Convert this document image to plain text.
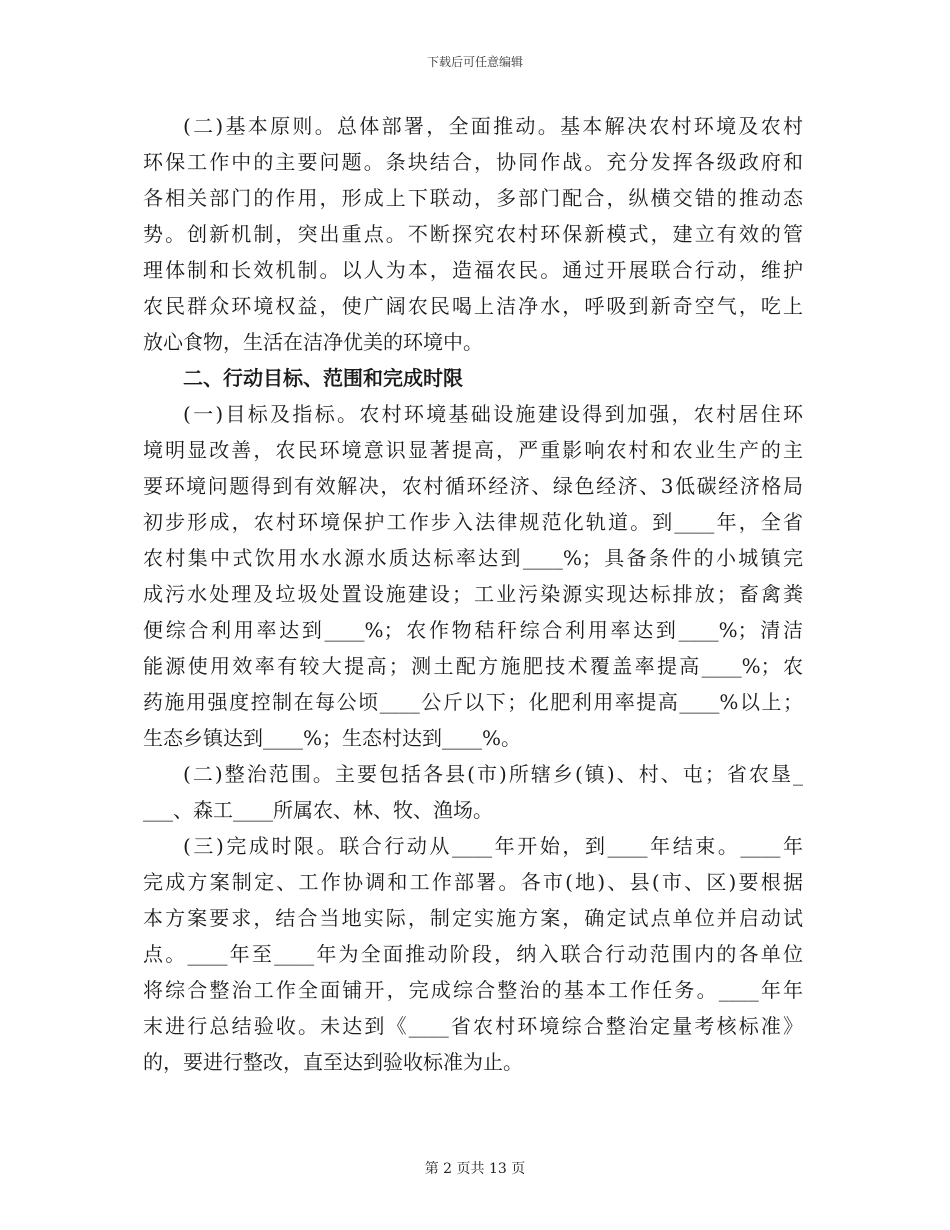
下载后可任意编辑
(二)基本原则。总体部署，全面推动。基本解决农村环境及农村
环保工作中的主要问题。条块结合，协同作战。充分发挥各级政府和
各相关部门的作用，形成上下联动，多部门配合，纵横交错的推动态
势。创新机制，突出重点。不断探究农村环保新模式，建立有效的管
理体制和长效机制。以人为本，造福农民。通过开展联合行动，维护
农民群众环境权益，使广阔农民喝上洁净水，呼吸到新奇空气，吃上
放心食物，生活在洁净优美的环境中。
二、行动目标、范围和完成时限
(一)目标及指标。农村环境基础设施建设得到加强，农村居住环
境明显改善，农民环境意识显著提高，严重影响农村和农业生产的主
要环境问题得到有效解决，农村循环经济、绿色经济、3低碳经济格局
初步形成，农村环境保护工作步入法律规范化轨道。到____年，全省
农村集中式饮用水水源水质达标率达到____%；具备条件的小城镇完
成污水处理及垃圾处置设施建设；工业污染源实现达标排放；畜禽粪
便综合利用率达到____%；农作物秸秆综合利用率达到____%；清洁
能源使用效率有较大提高；测土配方施肥技术覆盖率提高____%；农
药施用强度控制在每公顷____公斤以下；化肥利用率提高____%以上；
生态乡镇达到____%；生态村达到____%。
(二)整治范围。主要包括各县(市)所辖乡(镇)、村、屯；省农垦_
___、森工____所属农、林、牧、渔场。
(三)完成时限。联合行动从____年开始，到____年结束。____年
完成方案制定、工作协调和工作部署。各市(地)、县(市、区)要根据
本方案要求，结合当地实际，制定实施方案，确定试点单位并启动试
点。____年至____年为全面推动阶段，纳入联合行动范围内的各单位
将综合整治工作全面铺开，完成综合整治的基本工作任务。____年年
末进行总结验收。未达到《____省农村环境综合整治定量考核标准》
的，要进行整改，直至达到验收标准为止。
第 2 页共 13 页
